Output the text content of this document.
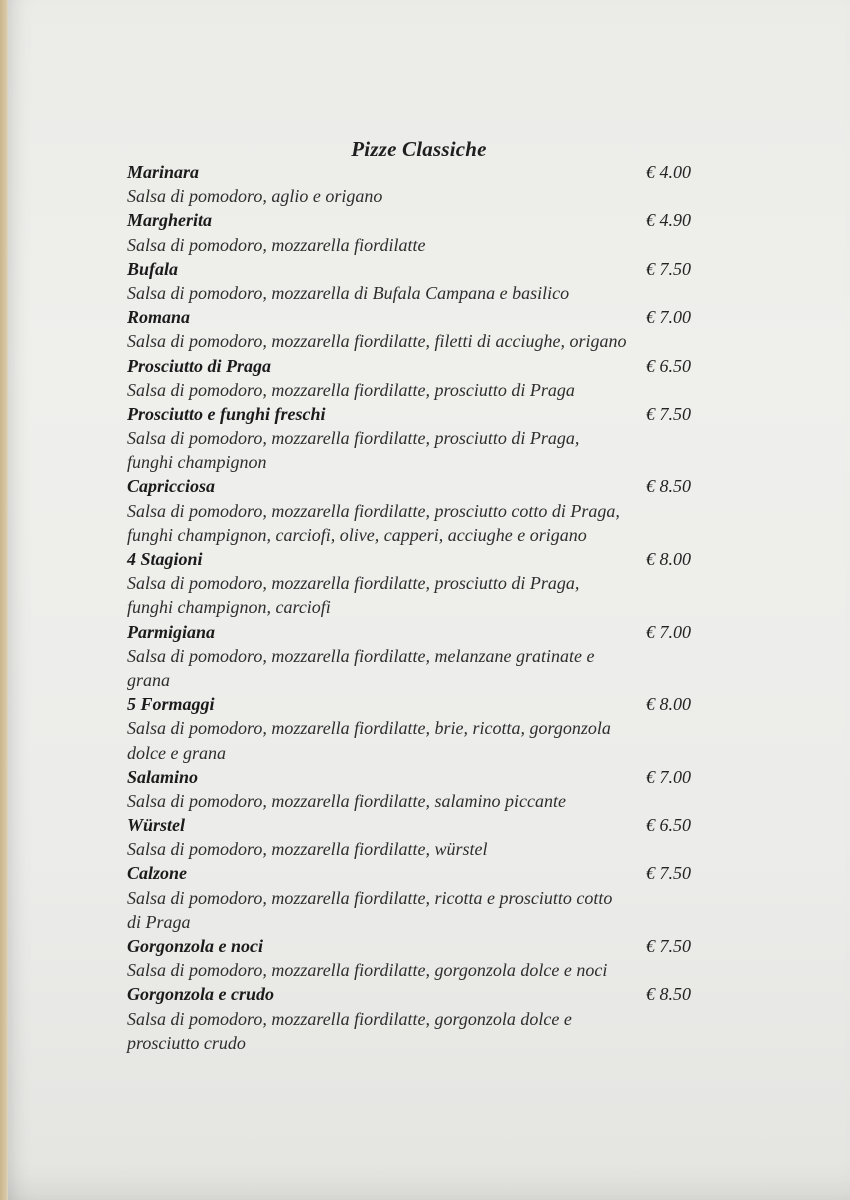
Pizze Classiche
Marinara	€ 4.00
Salsa di pomodoro, aglio e origano
Margherita	€ 4.90
Salsa di pomodoro, mozzarella fiordilatte
Bufala	€ 7.50
Salsa di pomodoro, mozzarella di Bufala Campana e basilico
Romana	€ 7.00
Salsa di pomodoro, mozzarella fiordilatte, filetti di acciughe, origano
Prosciutto di Praga	€ 6.50
Salsa di pomodoro, mozzarella fiordilatte, prosciutto di Praga
Prosciutto e funghi freschi	€ 7.50
Salsa di pomodoro, mozzarella fiordilatte, prosciutto di Praga,
funghi champignon
Capricciosa	€ 8.50
Salsa di pomodoro, mozzarella fiordilatte, prosciutto cotto di Praga,
funghi champignon, carciofi, olive, capperi, acciughe e origano
4 Stagioni	€ 8.00
Salsa di pomodoro, mozzarella fiordilatte, prosciutto di Praga,
funghi champignon, carciofi
Parmigiana	€ 7.00
Salsa di pomodoro, mozzarella fiordilatte, melanzane gratinate e
grana
5 Formaggi	€ 8.00
Salsa di pomodoro, mozzarella fiordilatte, brie, ricotta, gorgonzola
dolce e grana
Salamino	€ 7.00
Salsa di pomodoro, mozzarella fiordilatte, salamino piccante
Würstel	€ 6.50
Salsa di pomodoro, mozzarella fiordilatte, würstel
Calzone	€ 7.50
Salsa di pomodoro, mozzarella fiordilatte, ricotta e prosciutto cotto
di Praga
Gorgonzola e noci	€ 7.50
Salsa di pomodoro, mozzarella fiordilatte, gorgonzola dolce e noci
Gorgonzola e crudo	€ 8.50
Salsa di pomodoro, mozzarella fiordilatte, gorgonzola dolce e
prosciutto crudo
